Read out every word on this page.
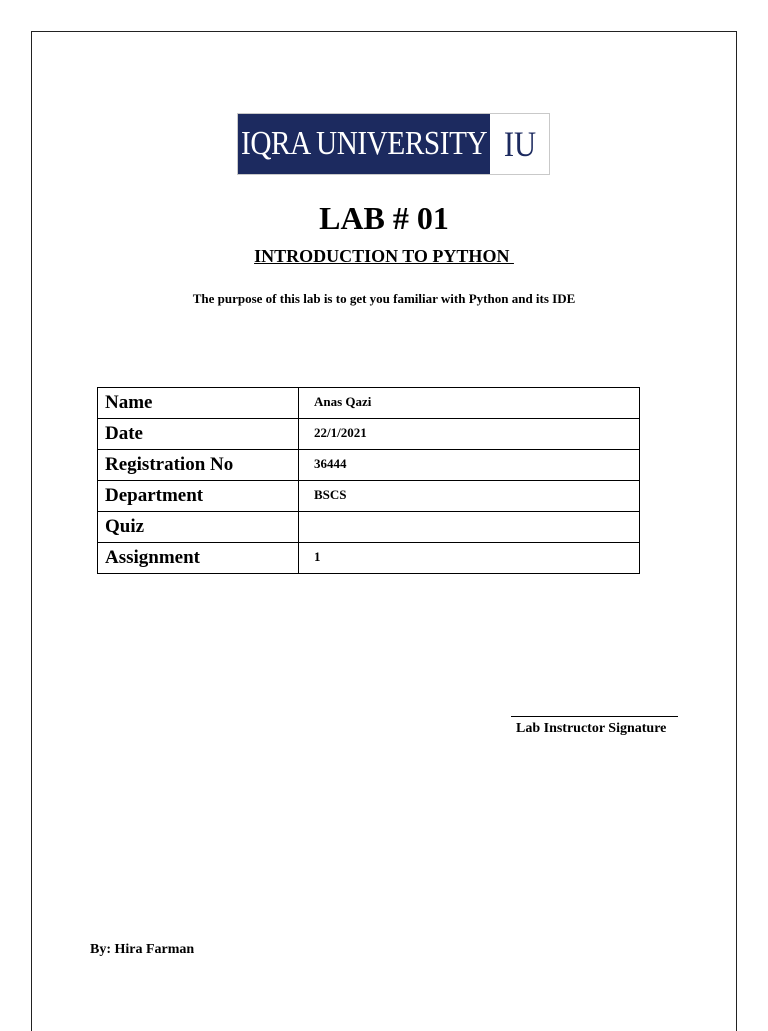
IQRA UNIVERSITY IU
LAB # 01
INTRODUCTION TO PYTHON
The purpose of this lab is to get you familiar with Python and its IDE
Name	Anas Qazi
Date	22/1/2021
Registration No	36444
Department	BSCS
Quiz	
Assignment	1
Lab Instructor Signature
By: Hira Farman
